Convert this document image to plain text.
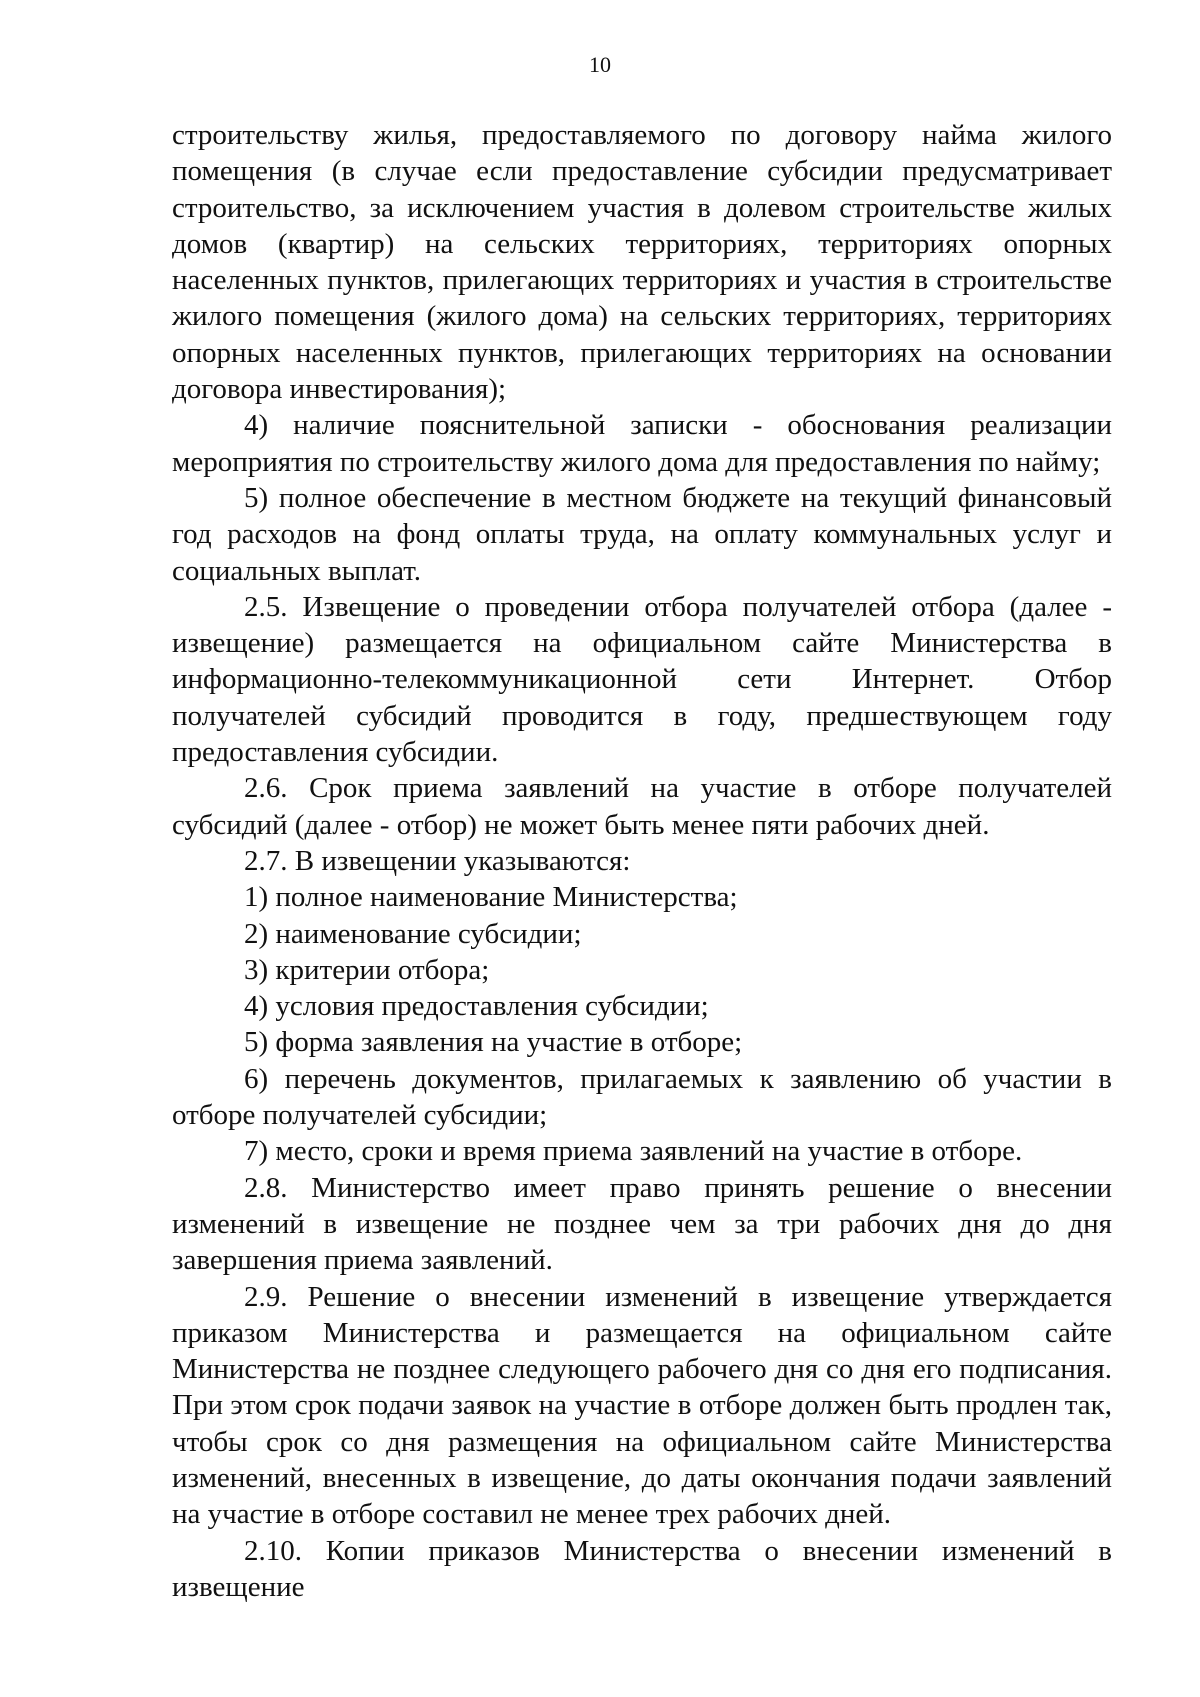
10

строительству жилья, предоставляемого по договору найма жилого помещения (в случае если предоставление субсидии предусматривает строительство, за исключением участия в долевом строительстве жилых домов (квартир) на сельских территориях, территориях опорных населенных пунктов, прилегающих территориях и участия в строительстве жилого помещения (жилого дома) на сельских территориях, территориях опорных населенных пунктов, прилегающих территориях на основании договора инвестирования);

4) наличие пояснительной записки - обоснования реализации мероприятия по строительству жилого дома для предоставления по найму;

5) полное обеспечение в местном бюджете на текущий финансовый год расходов на фонд оплаты труда, на оплату коммунальных услуг и социальных выплат.

2.5. Извещение о проведении отбора получателей отбора (далее - извещение) размещается на официальном сайте Министерства в информационно-телекоммуникационной сети Интернет. Отбор получателей субсидий проводится в году, предшествующем году предоставления субсидии.

2.6. Срок приема заявлений на участие в отборе получателей субсидий (далее - отбор) не может быть менее пяти рабочих дней.

2.7. В извещении указываются:

1) полное наименование Министерства;

2) наименование субсидии;

3) критерии отбора;

4) условия предоставления субсидии;

5) форма заявления на участие в отборе;

6) перечень документов, прилагаемых к заявлению об участии в отборе получателей субсидии;

7) место, сроки и время приема заявлений на участие в отборе.

2.8. Министерство имеет право принять решение о внесении изменений в извещение не позднее чем за три рабочих дня до дня завершения приема заявлений.

2.9. Решение о внесении изменений в извещение утверждается приказом Министерства и размещается на официальном сайте Министерства не позднее следующего рабочего дня со дня его подписания. При этом срок подачи заявок на участие в отборе должен быть продлен так, чтобы срок со дня размещения на официальном сайте Министерства изменений, внесенных в извещение, до даты окончания подачи заявлений на участие в отборе составил не менее трех рабочих дней.

2.10. Копии приказов Министерства о внесении изменений в извещение
